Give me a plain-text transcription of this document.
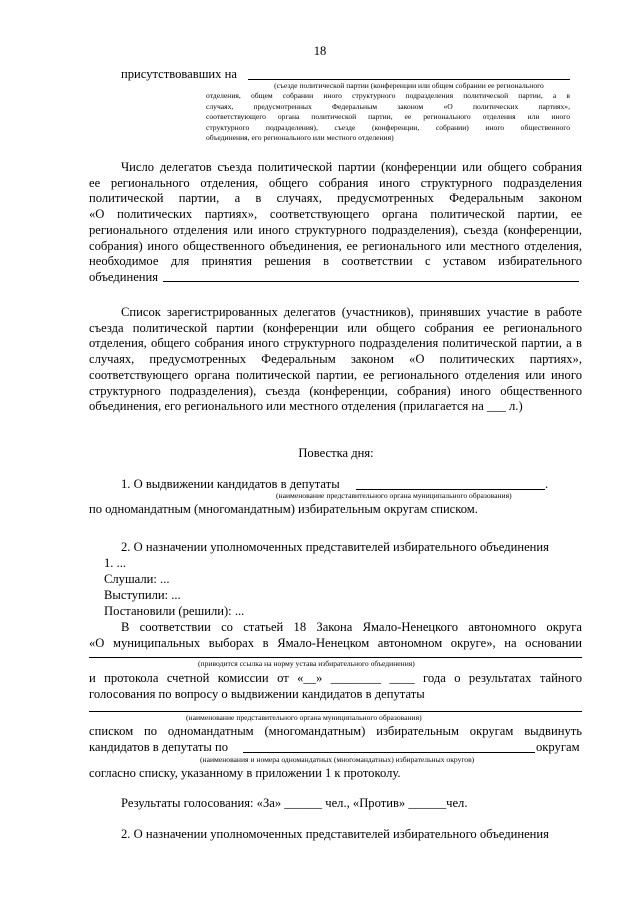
18
присутствовавших на
(съезде политической партии (конференции или общем собрании ее регионального
отделения, общем собрании иного структурного подразделения политической партии, а в
случаях, предусмотренных Федеральным законом «О политических партиях»,
соответствующего органа политической партии, ее регионального отделения или иного
структурного подразделения), съезде (конференции, собрании) иного общественного
объединения, его регионального или местного отделения)
Число делегатов съезда политической партии (конференции или общего собрания
ее регионального отделения, общего собрания иного структурного подразделения
политической партии, а в случаях, предусмотренных Федеральным законом
«О политических партиях», соответствующего органа политической партии, ее
регионального отделения или иного структурного подразделения), съезда (конференции,
собрания) иного общественного объединения, ее регионального или местного отделения,
необходимое для принятия решения в соответствии с уставом избирательного
объединения
Список зарегистрированных делегатов (участников), принявших участие в работе
съезда политической партии (конференции или общего собрания ее регионального
отделения, общего собрания иного структурного подразделения политической партии, а в
случаях, предусмотренных Федеральным законом «О политических партиях»,
соответствующего органа политической партии, ее регионального отделения или иного
структурного подразделения), съезда (конференции, собрания) иного общественного
объединения, его регионального или местного отделения (прилагается на ___ л.)
Повестка дня:
1. О выдвижении кандидатов в депутаты	.
(наименование представительного органа муниципального образования)
по одномандатным (многомандатным) избирательным округам списком.
2. О назначении уполномоченных представителей избирательного объединения
1. ...
Слушали: ...
Выступили: ...
Постановили (решили): ...
В соответствии со статьей 18 Закона Ямало-Ненецкого автономного округа
«О муниципальных выборах в Ямало-Ненецком автономном округе», на основании
(приводится ссылка на норму устава избирательного объединения)
и протокола счетной комиссии от «__» ________ ____ года о результатах тайного
голосования по вопросу о выдвижении кандидатов в депутаты
(наименование представительного органа муниципального образования)
списком по одномандатным (многомандатным) избирательным округам выдвинуть
кандидатов в депутаты по	округам
(наименования и номера одномандатных (многомандатных) избирательных округов)
согласно списку, указанному в приложении 1 к протоколу.
Результаты голосования: «За» ______ чел., «Против» ______чел.
2. О назначении уполномоченных представителей избирательного объединения
